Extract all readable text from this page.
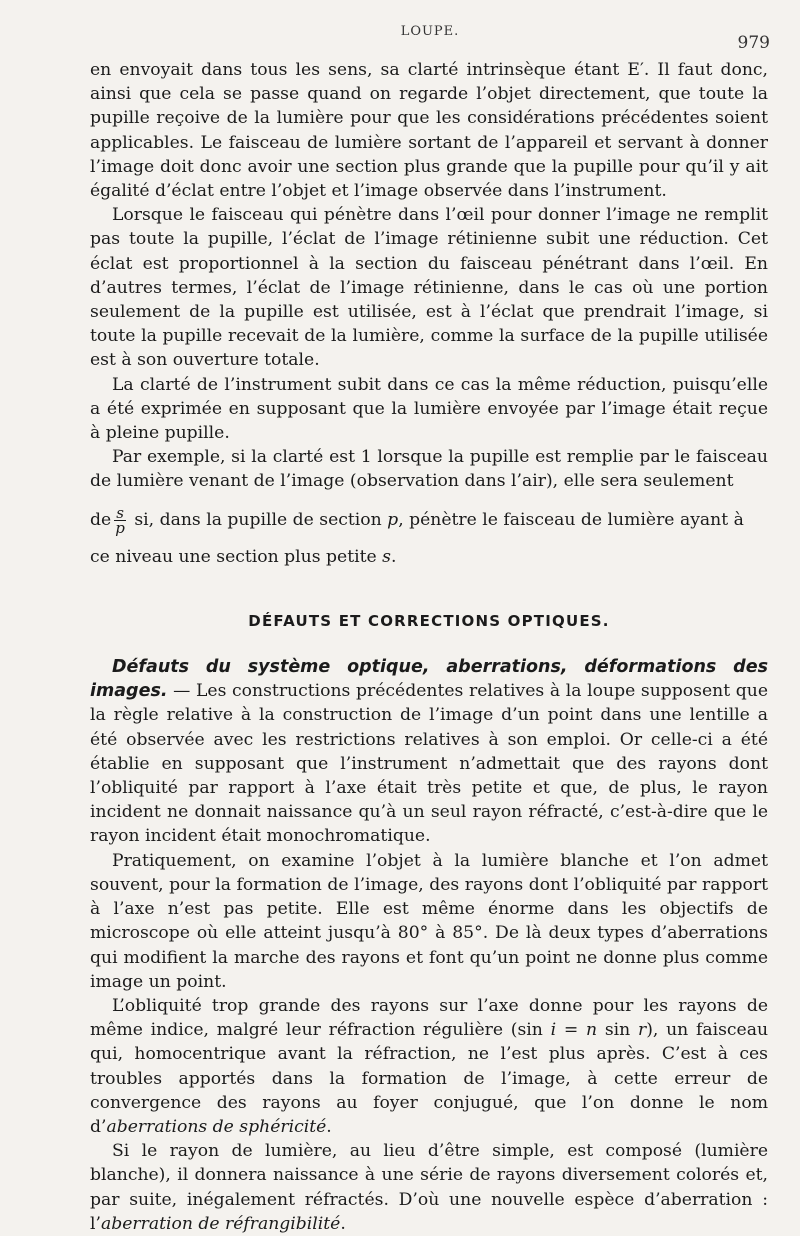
LOUPE.
979

en envoyait dans tous les sens, sa clarté intrinsèque étant E′. Il faut donc, ainsi que cela se passe quand on regarde l’objet directement, que toute la pupille reçoive de la lumière pour que les considérations précédentes soient applicables. Le faisceau de lumière sortant de l’appareil et servant à donner l’image doit donc avoir une section plus grande que la pupille pour qu’il y ait égalité d’éclat entre l’objet et l’image observée dans l’instrument.

Lorsque le faisceau qui pénètre dans l’œil pour donner l’image ne remplit pas toute la pupille, l’éclat de l’image rétinienne subit une réduction. Cet éclat est proportionnel à la section du faisceau pénétrant dans l’œil. En d’autres termes, l’éclat de l’image rétinienne, dans le cas où une portion seulement de la pupille est utilisée, est à l’éclat que prendrait l’image, si toute la pupille recevait de la lumière, comme la surface de la pupille utilisée est à son ouverture totale.

La clarté de l’instrument subit dans ce cas la même réduction, puisqu’elle a été exprimée en supposant que la lumière envoyée par l’image était reçue à pleine pupille.

Par exemple, si la clarté est 1 lorsque la pupille est remplie par le faisceau de lumière venant de l’image (observation dans l’air), elle sera seulement

de $\frac{s}{p}$ si, dans la pupille de section p, pénètre le faisceau de lumière ayant à

ce niveau une section plus petite s.

DÉFAUTS ET CORRECTIONS OPTIQUES.

Défauts du système optique, aberrations, déformations des images. — Les constructions précédentes relatives à la loupe supposent que la règle relative à la construction de l’image d’un point dans une lentille a été observée avec les restrictions relatives à son emploi. Or celle-ci a été établie en supposant que l’instrument n’admettait que des rayons dont l’obliquité par rapport à l’axe était très petite et que, de plus, le rayon incident ne donnait naissance qu’à un seul rayon réfracté, c’est-à-dire que le rayon incident était monochromatique.

Pratiquement, on examine l’objet à la lumière blanche et l’on admet souvent, pour la formation de l’image, des rayons dont l’obliquité par rapport à l’axe n’est pas petite. Elle est même énorme dans les objectifs de microscope où elle atteint jusqu’à 80° à 85°. De là deux types d’aberrations qui modifient la marche des rayons et font qu’un point ne donne plus comme image un point.

L’obliquité trop grande des rayons sur l’axe donne pour les rayons de même indice, malgré leur réfraction régulière (sin i = n sin r), un faisceau qui, homocentrique avant la réfraction, ne l’est plus après. C’est à ces troubles apportés dans la formation de l’image, à cette erreur de convergence des rayons au foyer conjugué, que l’on donne le nom d’aberrations de sphéricité.

Si le rayon de lumière, au lieu d’être simple, est composé (lumière blanche), il donnera naissance à une série de rayons diversement colorés et, par suite, inégalement réfractés. D’où une nouvelle espèce d’aberration : l’aberration de réfrangibilité.
